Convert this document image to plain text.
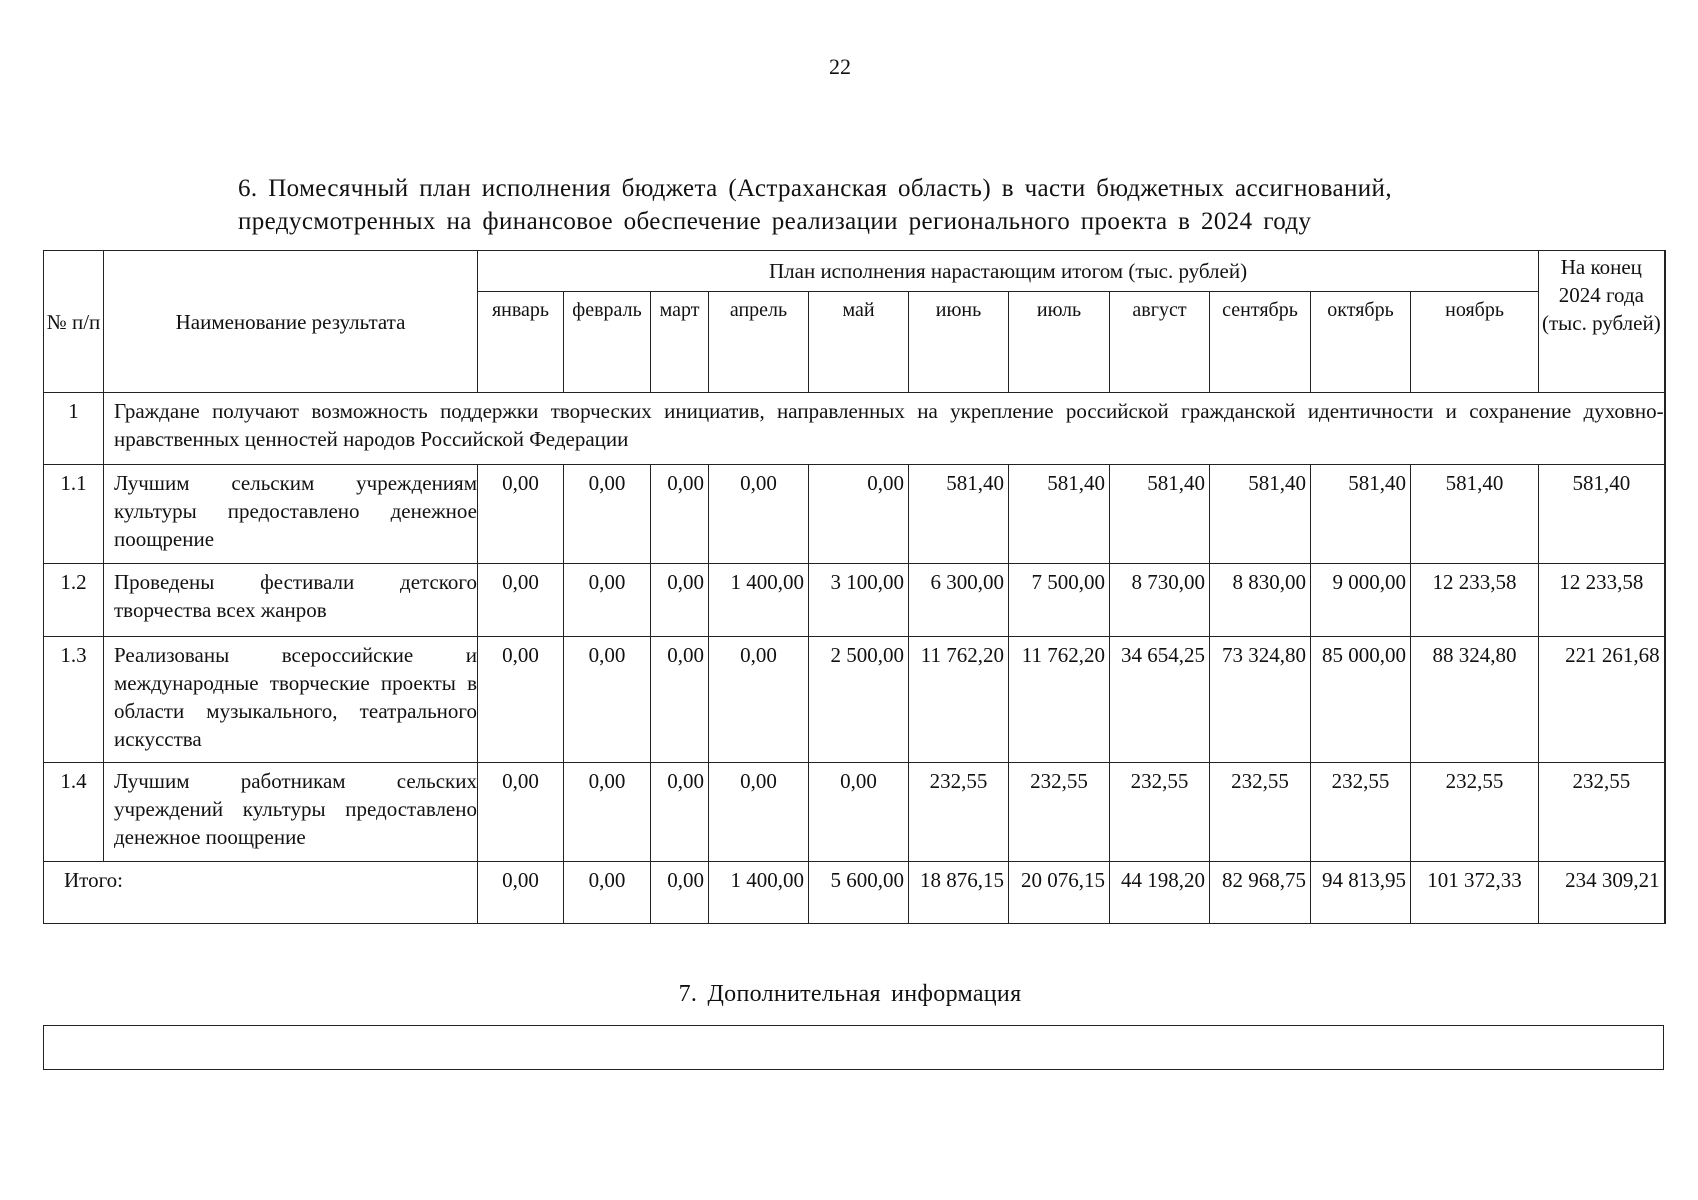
22
6. Помесячный план исполнения бюджета (Астраханская область) в части бюджетных ассигнований,
предусмотренных на финансовое обеспечение реализации регионального проекта в 2024 году
№ п/п	Наименование результата	План исполнения нарастающим итогом (тыс. рублей)											На конец 2024 года (тыс. рублей)
		январь	февраль	март	апрель	май	июнь	июль	август	сентябрь	октябрь	ноябрь	
1	Граждане получают возможность поддержки творческих инициатив, направленных на укрепление российской гражданской идентичности и сохранение духовно-нравственных ценностей народов Российской Федерации												
1.1	Лучшим сельским учреждениям культуры предоставлено денежное поощрение	0,00	0,00	0,00	0,00	0,00	581,40	581,40	581,40	581,40	581,40	581,40	581,40
1.2	Проведены фестивали детского творчества всех жанров	0,00	0,00	0,00	1 400,00	3 100,00	6 300,00	7 500,00	8 730,00	8 830,00	9 000,00	12 233,58	12 233,58
1.3	Реализованы всероссийские и международные творческие проекты в области музыкального, театрального искусства	0,00	0,00	0,00	0,00	2 500,00	11 762,20	11 762,20	34 654,25	73 324,80	85 000,00	88 324,80	221 261,68
1.4	Лучшим работникам сельских учреждений культуры предоставлено денежное поощрение	0,00	0,00	0,00	0,00	0,00	232,55	232,55	232,55	232,55	232,55	232,55	232,55
Итого:		0,00	0,00	0,00	1 400,00	5 600,00	18 876,15	20 076,15	44 198,20	82 968,75	94 813,95	101 372,33	234 309,21
7. Дополнительная информация
